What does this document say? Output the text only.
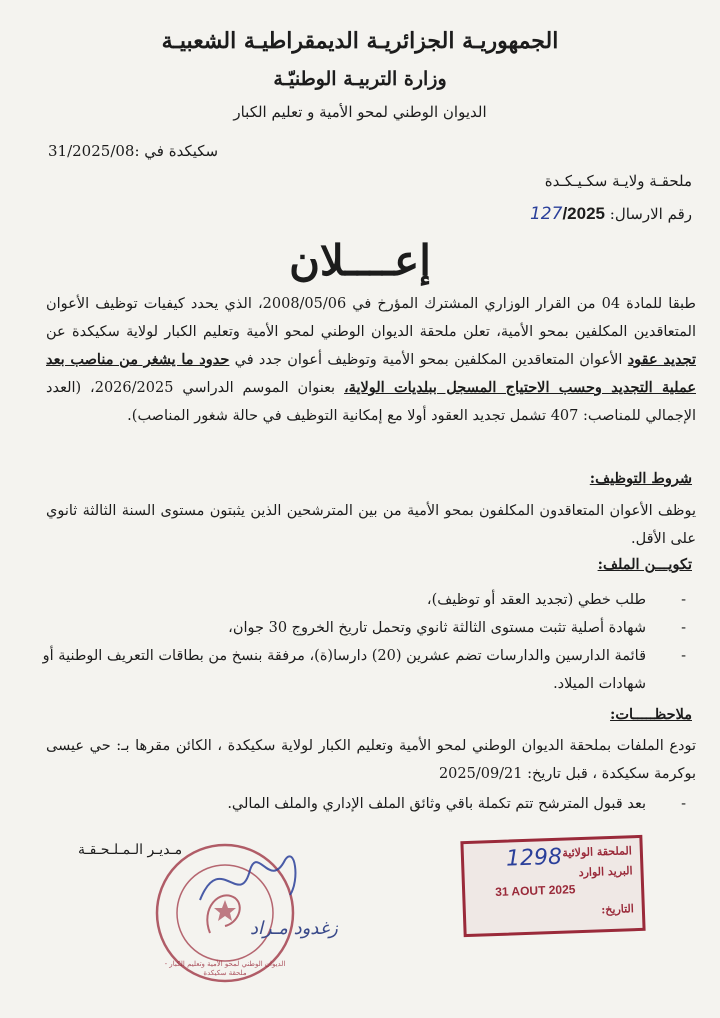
الجمهوريـة الجزائريـة الديمقراطيـة الشعبيـة
وزارة التربيـة الوطنيّـة
الديوان الوطني لمحو الأمية و تعليم الكبار
سكيكدة في :31/2025/08
ملحقـة ولايـة سكـيـكـدة
رقم الارسال: 127/2025
إعــــلان
طبقا للمادة 04 من القرار الوزاري المشترك المؤرخ في 2008/05/06، الذي يحدد كيفيات توظيف الأعوان المتعاقدين المكلفين بمحو الأمية، تعلن ملحقة الديوان الوطني لمحو الأمية وتعليم الكبار لولاية سكيكدة عن تجديد عقود الأعوان المتعاقدين المكلفين بمحو الأمية وتوظيف أعوان جدد في حدود ما يشغر من مناصب بعد عملية التجديد وحسب الاحتياج المسجل ببلديات الولاية، بعنوان الموسم الدراسي 2026/2025، (العدد الإجمالي للمناصب: 407 تشمل تجديد العقود أولا مع إمكانية التوظيف في حالة شغور المناصب).
شروط التوظيف:
يوظف الأعوان المتعاقدون المكلفون بمحو الأمية من بين المترشحين الذين يثبتون مستوى السنة الثالثة ثانوي على الأقل.
تكويـــن الملف:
- طلب خطي (تجديد العقد أو توظيف)،
- شهادة أصلية تثبت مستوى الثالثة ثانوي وتحمل تاريخ الخروج 30 جوان،
- قائمة الدارسين والدارسات تضم عشرين (20) دارسا(ة)، مرفقة بنسخ من بطاقات التعريف الوطنية أو شهادات الميلاد.
ملاحظـــــات:
تودع الملفات بملحقة الديوان الوطني لمحو الأمية وتعليم الكبار لولاية سكيكدة ، الكائن مقرها بـ: حي عيسى بوكرمة سكيكدة ، قبل تاريخ: 2025/09/21
- بعد قبول المترشح تتم تكملة باقي وثائق الملف الإداري والملف المالي.
مـديـر الـمـلـحـقـة
الديوان الوطني لمحو الأمية وتعليم الكبار - ملحقة سكيكدة
زغدود مـراد
الملحقة الولائية
البريد الوارد
31 AOUT 2025
التاريخ:
1298
